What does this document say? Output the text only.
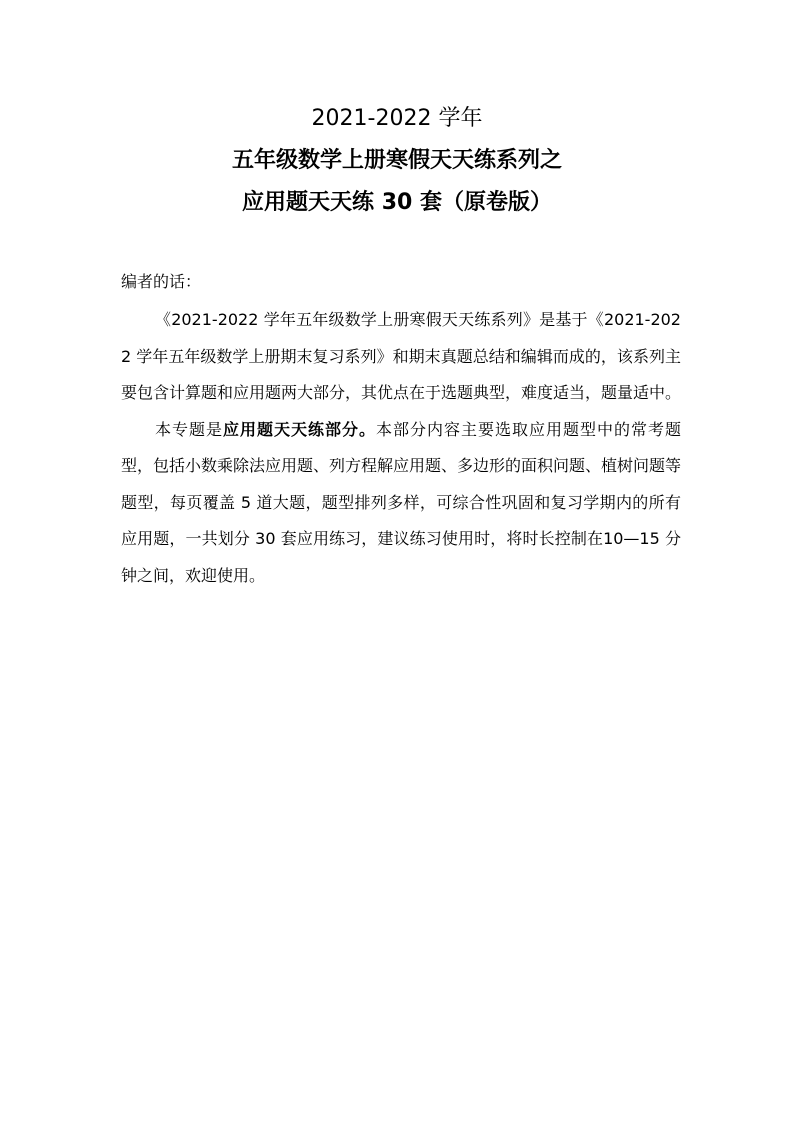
2021-2022 学年
五年级数学上册寒假天天练系列之
应用题天天练 30 套（原卷版）
编者的话：

《2021-2022 学年五年级数学上册寒假天天练系列》是基于《2021-2022 学年五年级数学上册期末复习系列》和期末真题总结和编辑而成的，该系列主要包含计算题和应用题两大部分，其优点在于选题典型，难度适当，题量适中。

本专题是应用题天天练部分。本部分内容主要选取应用题型中的常考题型，包括小数乘除法应用题、列方程解应用题、多边形的面积问题、植树问题等题型，每页覆盖 5 道大题，题型排列多样，可综合性巩固和复习学期内的所有应用题，一共划分 30 套应用练习，建议练习使用时，将时长控制在10—15 分钟之间，欢迎使用。
